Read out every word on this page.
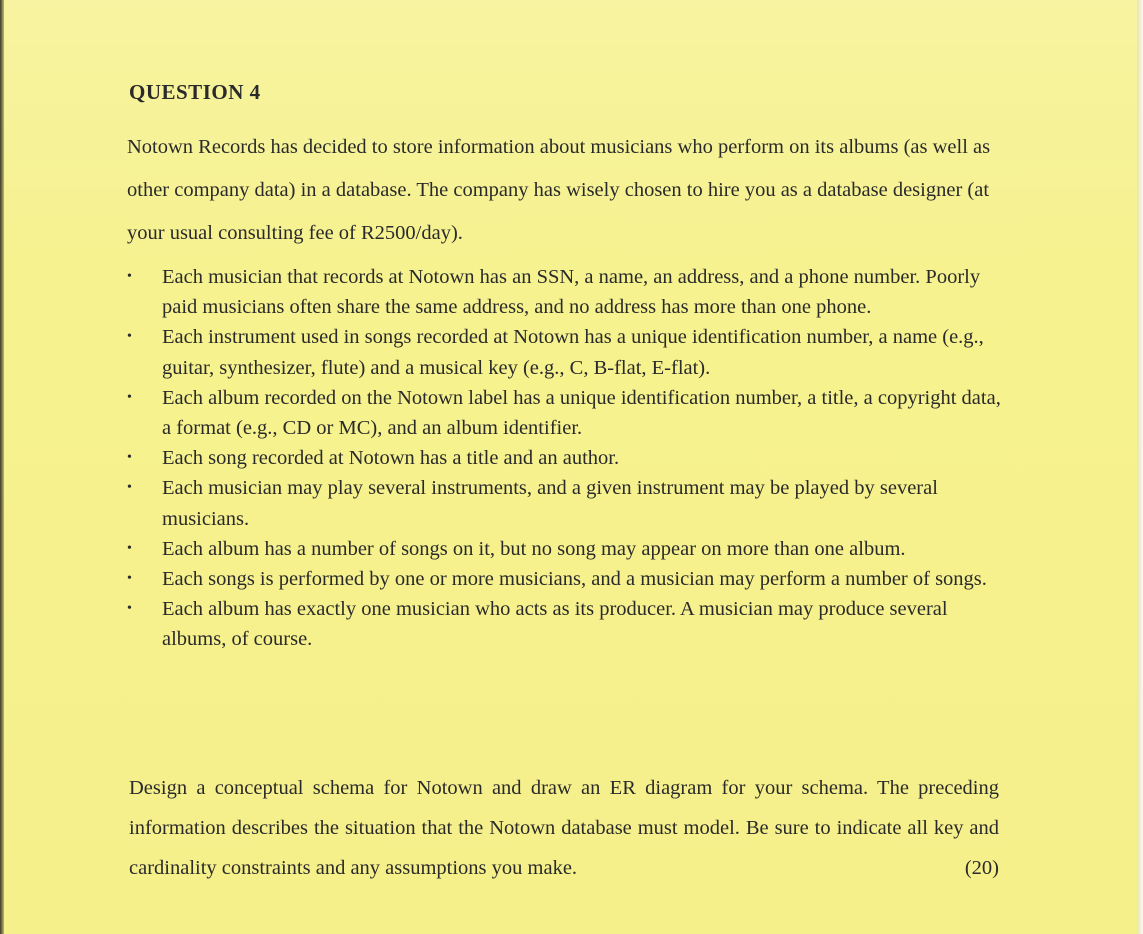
QUESTION 4
Notown Records has decided to store information about musicians who perform on its albums (as well as other company data) in a database. The company has wisely chosen to hire you as a database designer (at your usual consulting fee of R2500/day).
• Each musician that records at Notown has an SSN, a name, an address, and a phone number. Poorly paid musicians often share the same address, and no address has more than one phone.
• Each instrument used in songs recorded at Notown has a unique identification number, a name (e.g., guitar, synthesizer, flute) and a musical key (e.g., C, B-flat, E-flat).
• Each album recorded on the Notown label has a unique identification number, a title, a copyright data, a format (e.g., CD or MC), and an album identifier.
• Each song recorded at Notown has a title and an author.
• Each musician may play several instruments, and a given instrument may be played by several musicians.
• Each album has a number of songs on it, but no song may appear on more than one album.
• Each songs is performed by one or more musicians, and a musician may perform a number of songs.
• Each album has exactly one musician who acts as its producer. A musician may produce several albums, of course.
Design a conceptual schema for Notown and draw an ER diagram for your schema. The preceding information describes the situation that the Notown database must model. Be sure to indicate all key and cardinality constraints and any assumptions you make.	(20)
